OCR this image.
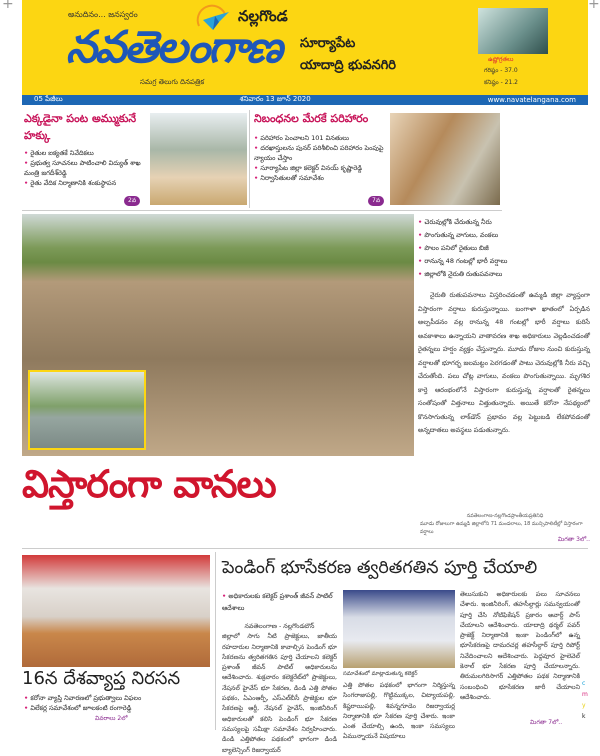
+	+
అనుదినం... జనస్వరం
నవతెలంగాణ
సమగ్ర తెలుగు దినపత్రిక
నల్లగొండ
సూర్యాపేట
యాదాద్రి భువనగిరి	ఉష్ణోగ్రతలు
గరిష్ఠం - 37.0
కనిష్ఠం - 21.2
05 పేజీలు	శనివారం 13 జూన్ 2020	www.navatelangana.com
ఎక్కడైనా పంట అమ్ముకునే హక్కు
• రైతుల ఐక్యతకే నివేదికలు
• ప్రభుత్వ సూచనలు పాటించాలి విద్యుత్ శాఖ మంత్రి జగదీశ్‌రెడ్డి
• రైతు వేదిక నిర్మాణానికి శంకుస్థాపన
2వ
నిబంధనల మేరకే పరిహారం
• పరిహారం పెంచాలని 101 వినతులు
• దరఖాస్తులను పునర్ పరిశీలించి పరిహారం పెంపుపై న్యాయం చేస్తాం
• సూర్యాపేట జిల్లా కలెక్టర్ వినయ్ కృష్ణారెడ్డి
• నిర్వాసితులతో సమావేశం
7వ
• చెరువుల్లోకి చేరుతున్న నీరు
• పొంగుతున్న వాగులు, వంకలు
• పొలం పనిలో రైతులు బిజీ
• రానున్న 48 గంటల్లో భారీ వర్షాలు
• జిల్లాలోకి నైరుతి రుతుపవనాలు

నైరుతి రుతుపవనాలు విస్తరించడంతో ఉమ్మడి జిల్లా వ్యాప్తంగా విస్తారంగా వర్షాలు కురుస్తున్నాయి. బంగాళా ఖాతంలో ఏర్పడిన అల్పపీడనం వల్ల రానున్న 48 గంటల్లో భారీ వర్షాలు కురిసే అవకాశాలు ఉన్నాయని వాతావరణ శాఖ అధికారులు వెల్లడించడంతో రైతన్నలు హర్షం వ్యక్తం చేస్తున్నారు. మూడు రోజుల నుంచి కురుస్తున్న వర్షాలతో భూగర్భ జలమట్టం పెరగడంతో పాటు చెరువుల్లోకి నీరు వచ్చి చేరుతోంది. పలు చోట్ల వాగులు, వంకలు పొంగుతున్నాయి. మృగశిర కార్తె ఆరంభంలోనే విస్తారంగా కురుస్తున్న వర్షాలతో రైతన్నలు సంతోషంతో విత్తనాలు విత్తుతున్నారు. అయితే కరోనా నేపథ్యంలో కొనసాగుతున్న లాక్‌డౌన్ ప్రభావం వల్ల పెట్టుబడి లేకపోవడంతో అన్నదాతలు అవస్థలు పడుతున్నారు.

విస్తారంగా వానలు
నవతెలంగాణ-నల్లగొండప్రాంతీయప్రతినిధి
మూడు రోజులుగా ఉమ్మడి జిల్లాలోని 71 మండలాలు, 18 మున్సిపాలిటీల్లో విస్తారంగా వర్షాలు
మిగతా 3లో..
16న దేశవ్యాప్త నిరసన
• కరోనా వ్యాప్తి నివారణలో ప్రభుత్వాలు విఫలం
• విలేకర్ల సమావేశంలో జూలకంటి రంగారెడ్డి
వివరాలు 2లో
పెండింగ్ భూసేకరణ త్వరితగతిన పూర్తి చేయాలి
• అధికారులకు కలెక్టర్ ప్రశాంత్ జీవన్ పాటిల్ ఆదేశాలు
నవతెలంగాణ - నల్లగొండటౌన్
జిల్లాలో సాగు నీటి ప్రాజెక్టులు, జాతీయ రహదారుల నిర్మాణానికి కావాల్సిన పెండింగ్ భూ సేకరణను త్వరితగతిన పూర్తి చేయాలని కలెక్టర్ ప్రశాంత్ జీవన్ పాటిల్ అధికారులను ఆదేశించారు. శుక్రవారం కలెక్టరేట్‌లో ప్రాజెక్టులు, నేషనల్ హైవేస్ భూ సేకరణ, డిండి ఎత్తి పోతల పథకం, ఏఎంఆర్పీ, ఎస్ఎల్‌బీసీ ప్రాజెక్టుల భూ సేకరణపై ఆర్డీ, నేషనల్ హైవేస్, ఇంజినీరింగ్ అధికారులతో కలిసి పెండింగ్ భూ సేకరణ సమస్యలపై సమీక్షా సమావేశం నిర్వహించారు. డిండి ఎత్తిపోతల పథకంలో భాగంగా డిండి బ్యాలెన్సింగ్ రిజర్వాయర్
సమావేశంలో మాట్లాడుతున్న కలెక్టర్
ఎత్తి పోతల పథకంలో భాగంగా నిర్మిస్తున్న సింగరాజుపల్లి, గొట్టిముక్కల, చిట్యాయపల్లి, కిష్టరాయిపల్లి, శివన్నగూడెం రిజర్వాయర్ల నిర్మాణానికి భూ సేకరణ పూర్తి చేశారు. ఇంకా ఎంత చేయాల్సి ఉంది, ఇంకా సమస్యలు ఏమున్నాయనే విషయాలు
తెలుసుకుని అధికారులకు పలు సూచనలు చేశారు. ఇంజినీరింగ్, తహసీల్దార్లు సమన్వయంతో పూర్తి చేసి నోటిఫికేషన్ ప్రకారం అవార్డ్ పాస్ చేయాలని ఆదేశించారు. యాదాద్రి థర్మల్ పవర్ ప్రాజెక్ట్ నిర్మాణానికి ఇంకా పెండింగ్‌లో ఉన్న భూసేకరణపై దామరచర్ల తహసీల్దార్ పూర్తి రిపోర్ట్ నివేదించాలని ఆదేశించారు. పెద్దవూర హైలెవెల్ కెనాల్ భూ సేకరణ పూర్తి చేయాలన్నారు. తిరుమలగిరిసాగర్ ఎత్తిపోతల పథక నిర్మాణానికి సంబంధించి భూసేకరణ జారీ చేయాలని ఆదేశించారు.
మిగతా 7లో..
c
m
y
k
